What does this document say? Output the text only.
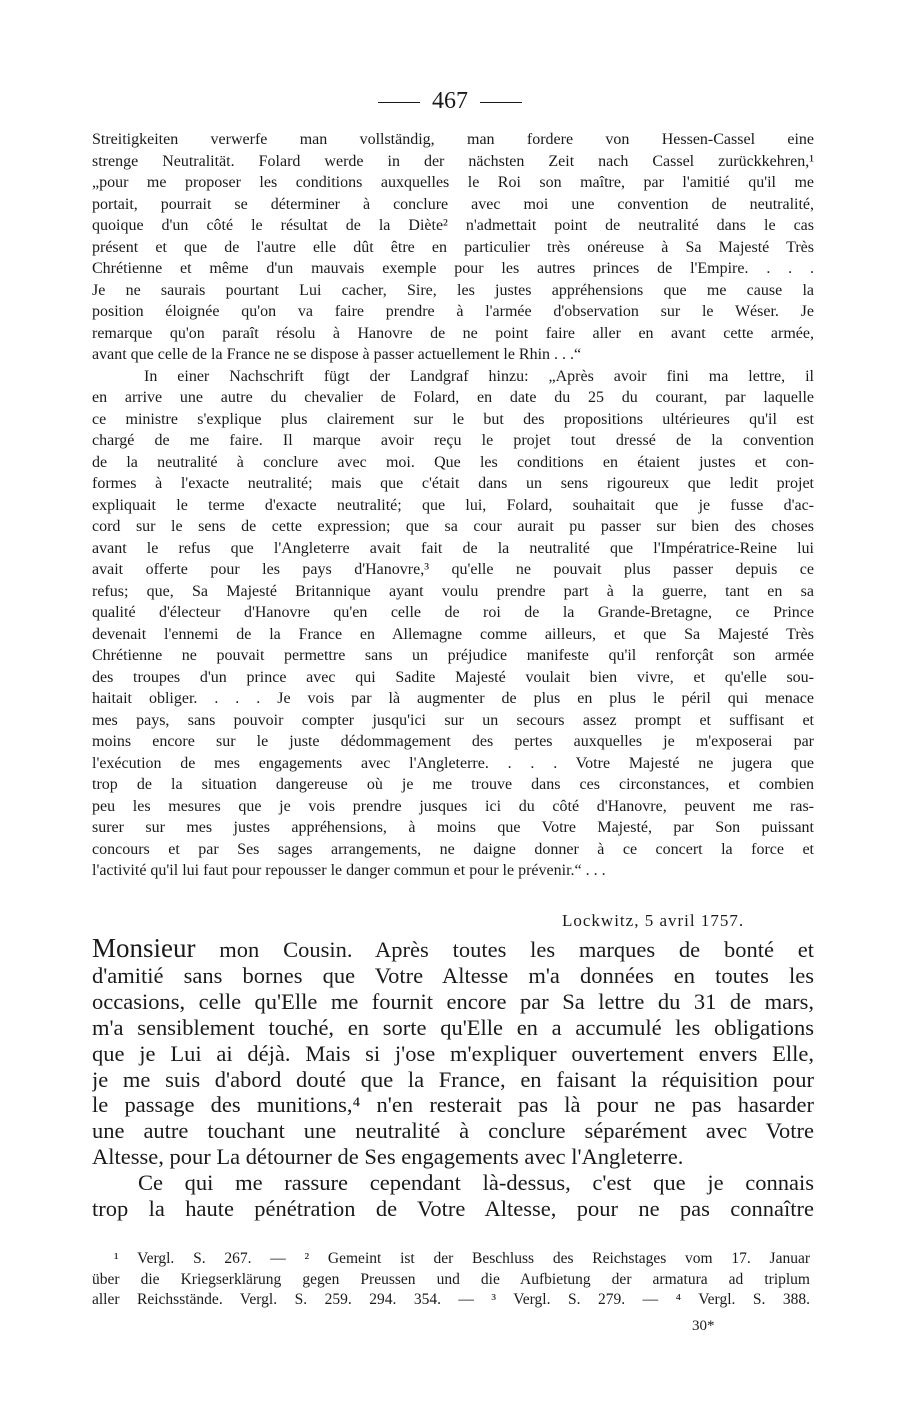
467
Streitigkeiten verwerfe man vollständig, man fordere von Hessen-Cassel eine
strenge Neutralität. Folard werde in der nächsten Zeit nach Cassel zurückkehren,¹
„pour me proposer les conditions auxquelles le Roi son maître, par l'amitié qu'il me
portait, pourrait se déterminer à conclure avec moi une convention de neutralité,
quoique d'un côté le résultat de la Diète² n'admettait point de neutralité dans le cas
présent et que de l'autre elle dût être en particulier très onéreuse à Sa Majesté Très
Chrétienne et même d'un mauvais exemple pour les autres princes de l'Empire. . . .
Je ne saurais pourtant Lui cacher, Sire, les justes appréhensions que me cause la
position éloignée qu'on va faire prendre à l'armée d'observation sur le Wéser. Je
remarque qu'on paraît résolu à Hanovre de ne point faire aller en avant cette armée,
avant que celle de la France ne se dispose à passer actuellement le Rhin . . .“
In einer Nachschrift fügt der Landgraf hinzu: „Après avoir fini ma lettre, il
en arrive une autre du chevalier de Folard, en date du 25 du courant, par laquelle
ce ministre s'explique plus clairement sur le but des propositions ultérieures qu'il est
chargé de me faire. Il marque avoir reçu le projet tout dressé de la convention
de la neutralité à conclure avec moi. Que les conditions en étaient justes et con-
formes à l'exacte neutralité; mais que c'était dans un sens rigoureux que ledit projet
expliquait le terme d'exacte neutralité; que lui, Folard, souhaitait que je fusse d'ac-
cord sur le sens de cette expression; que sa cour aurait pu passer sur bien des choses
avant le refus que l'Angleterre avait fait de la neutralité que l'Impératrice-Reine lui
avait offerte pour les pays d'Hanovre,³ qu'elle ne pouvait plus passer depuis ce
refus; que, Sa Majesté Britannique ayant voulu prendre part à la guerre, tant en sa
qualité d'électeur d'Hanovre qu'en celle de roi de la Grande-Bretagne, ce Prince
devenait l'ennemi de la France en Allemagne comme ailleurs, et que Sa Majesté Très
Chrétienne ne pouvait permettre sans un préjudice manifeste qu'il renforçât son armée
des troupes d'un prince avec qui Sadite Majesté voulait bien vivre, et qu'elle sou-
haitait obliger. . . . Je vois par là augmenter de plus en plus le péril qui menace
mes pays, sans pouvoir compter jusqu'ici sur un secours assez prompt et suffisant et
moins encore sur le juste dédommagement des pertes auxquelles je m'exposerai par
l'exécution de mes engagements avec l'Angleterre. . . . Votre Majesté ne jugera que
trop de la situation dangereuse où je me trouve dans ces circonstances, et combien
peu les mesures que je vois prendre jusques ici du côté d'Hanovre, peuvent me ras-
surer sur mes justes appréhensions, à moins que Votre Majesté, par Son puissant
concours et par Ses sages arrangements, ne daigne donner à ce concert la force et
l'activité qu'il lui faut pour repousser le danger commun et pour le prévenir.“ . . .
Lockwitz, 5 avril 1757.
Monsieur mon Cousin. Après toutes les marques de bonté et
d'amitié sans bornes que Votre Altesse m'a données en toutes les
occasions, celle qu'Elle me fournit encore par Sa lettre du 31 de mars,
m'a sensiblement touché, en sorte qu'Elle en a accumulé les obligations
que je Lui ai déjà. Mais si j'ose m'expliquer ouvertement envers Elle,
je me suis d'abord douté que la France, en faisant la réquisition pour
le passage des munitions,⁴ n'en resterait pas là pour ne pas hasarder
une autre touchant une neutralité à conclure séparément avec Votre
Altesse, pour La détourner de Ses engagements avec l'Angleterre.
Ce qui me rassure cependant là-dessus, c'est que je connais
trop la haute pénétration de Votre Altesse, pour ne pas connaître
¹ Vergl. S. 267. — ² Gemeint ist der Beschluss des Reichstages vom 17. Januar
über die Kriegserklärung gegen Preussen und die Aufbietung der armatura ad triplum
aller Reichsstände. Vergl. S. 259. 294. 354. — ³ Vergl. S. 279. — ⁴ Vergl. S. 388.
30*
